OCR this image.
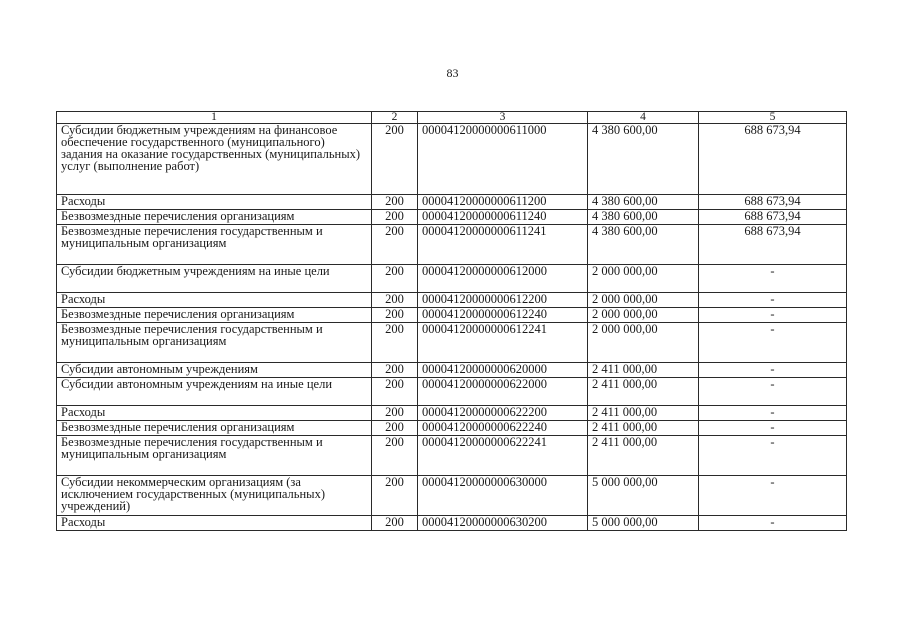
83
1	2	3	4	5
Субсидии бюджетным учреждениям на финансовое обеспечение государственного (муниципального) задания на оказание государственных (муниципальных) услуг (выполнение работ)	200	00004120000000611000	4 380 600,00	688 673,94
Расходы	200	00004120000000611200	4 380 600,00	688 673,94
Безвозмездные перечисления организациям	200	00004120000000611240	4 380 600,00	688 673,94
Безвозмездные перечисления государственным и муниципальным организациям	200	00004120000000611241	4 380 600,00	688 673,94
Субсидии бюджетным учреждениям на иные цели	200	00004120000000612000	2 000 000,00	-
Расходы	200	00004120000000612200	2 000 000,00	-
Безвозмездные перечисления организациям	200	00004120000000612240	2 000 000,00	-
Безвозмездные перечисления государственным и муниципальным организациям	200	00004120000000612241	2 000 000,00	-
Субсидии автономным учреждениям	200	00004120000000620000	2 411 000,00	-
Субсидии автономным учреждениям на иные цели	200	00004120000000622000	2 411 000,00	-
Расходы	200	00004120000000622200	2 411 000,00	-
Безвозмездные перечисления организациям	200	00004120000000622240	2 411 000,00	-
Безвозмездные перечисления государственным и муниципальным организациям	200	00004120000000622241	2 411 000,00	-
Субсидии некоммерческим организациям (за исключением государственных (муниципальных) учреждений)	200	00004120000000630000	5 000 000,00	-
Расходы	200	00004120000000630200	5 000 000,00	-
